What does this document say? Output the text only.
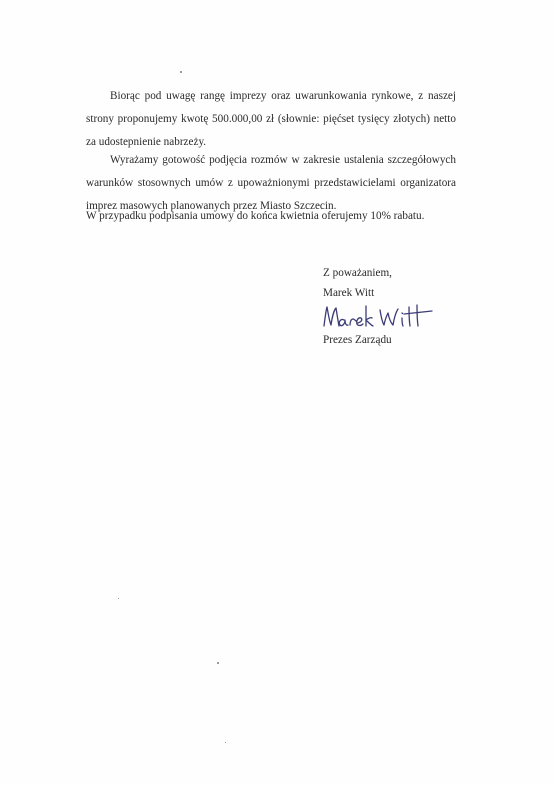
Biorąc pod uwagę rangę imprezy oraz uwarunkowania rynkowe, z naszej strony proponujemy kwotę 500.000,00 zł (słownie: pięćset tysięcy złotych) netto za udostepnienie nabrzeży.

Wyrażamy gotowość podjęcia rozmów w zakresie ustalenia szczegółowych warunków stosownych umów z upoważnionymi przedstawicielami organizatora imprez masowych planowanych przez Miasto Szczecin.

W przypadku podpisania umowy do końca kwietnia oferujemy 10% rabatu.

Z poważaniem,

Marek Witt

Prezes Zarządu
